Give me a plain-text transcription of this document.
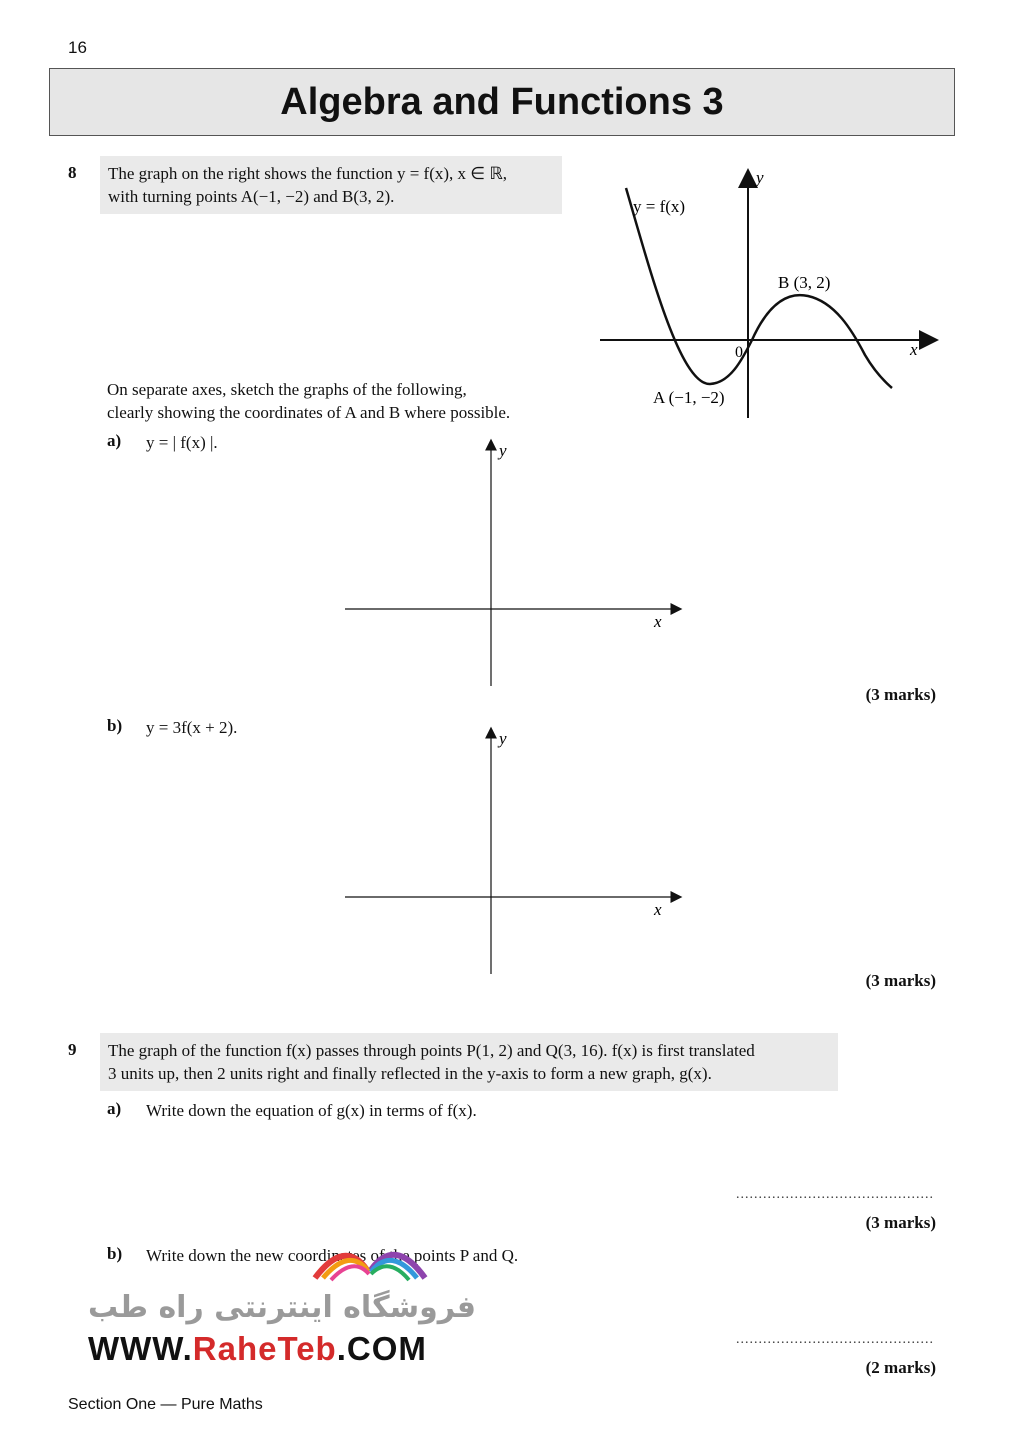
16
Algebra and Functions 3
8 The graph on the right shows the function y = f(x), x ∈ ℝ,
with turning points A(−1, −2) and B(3, 2).
y = f(x)
B (3, 2)
A (−1, −2)
0	x
y
On separate axes, sketch the graphs of the following,
clearly showing the coordinates of A and B where possible.
a) y = | f(x) |.
x
y
(3 marks)
b) y = 3f(x + 2).
x
y
(3 marks)
9 The graph of the function f(x) passes through points P(1, 2) and Q(3, 16). f(x) is first translated
3 units up, then 2 units right and finally reflected in the y-axis to form a new graph, g(x).
a) Write down the equation of g(x) in terms of f(x).
............................................
(3 marks)
b) Write down the new coordinates of the points P and Q.
............................................
(2 marks)
فروشگاه اینترنتی راه طب
WWW.RaheTeb.COM
Section One — Pure Maths
